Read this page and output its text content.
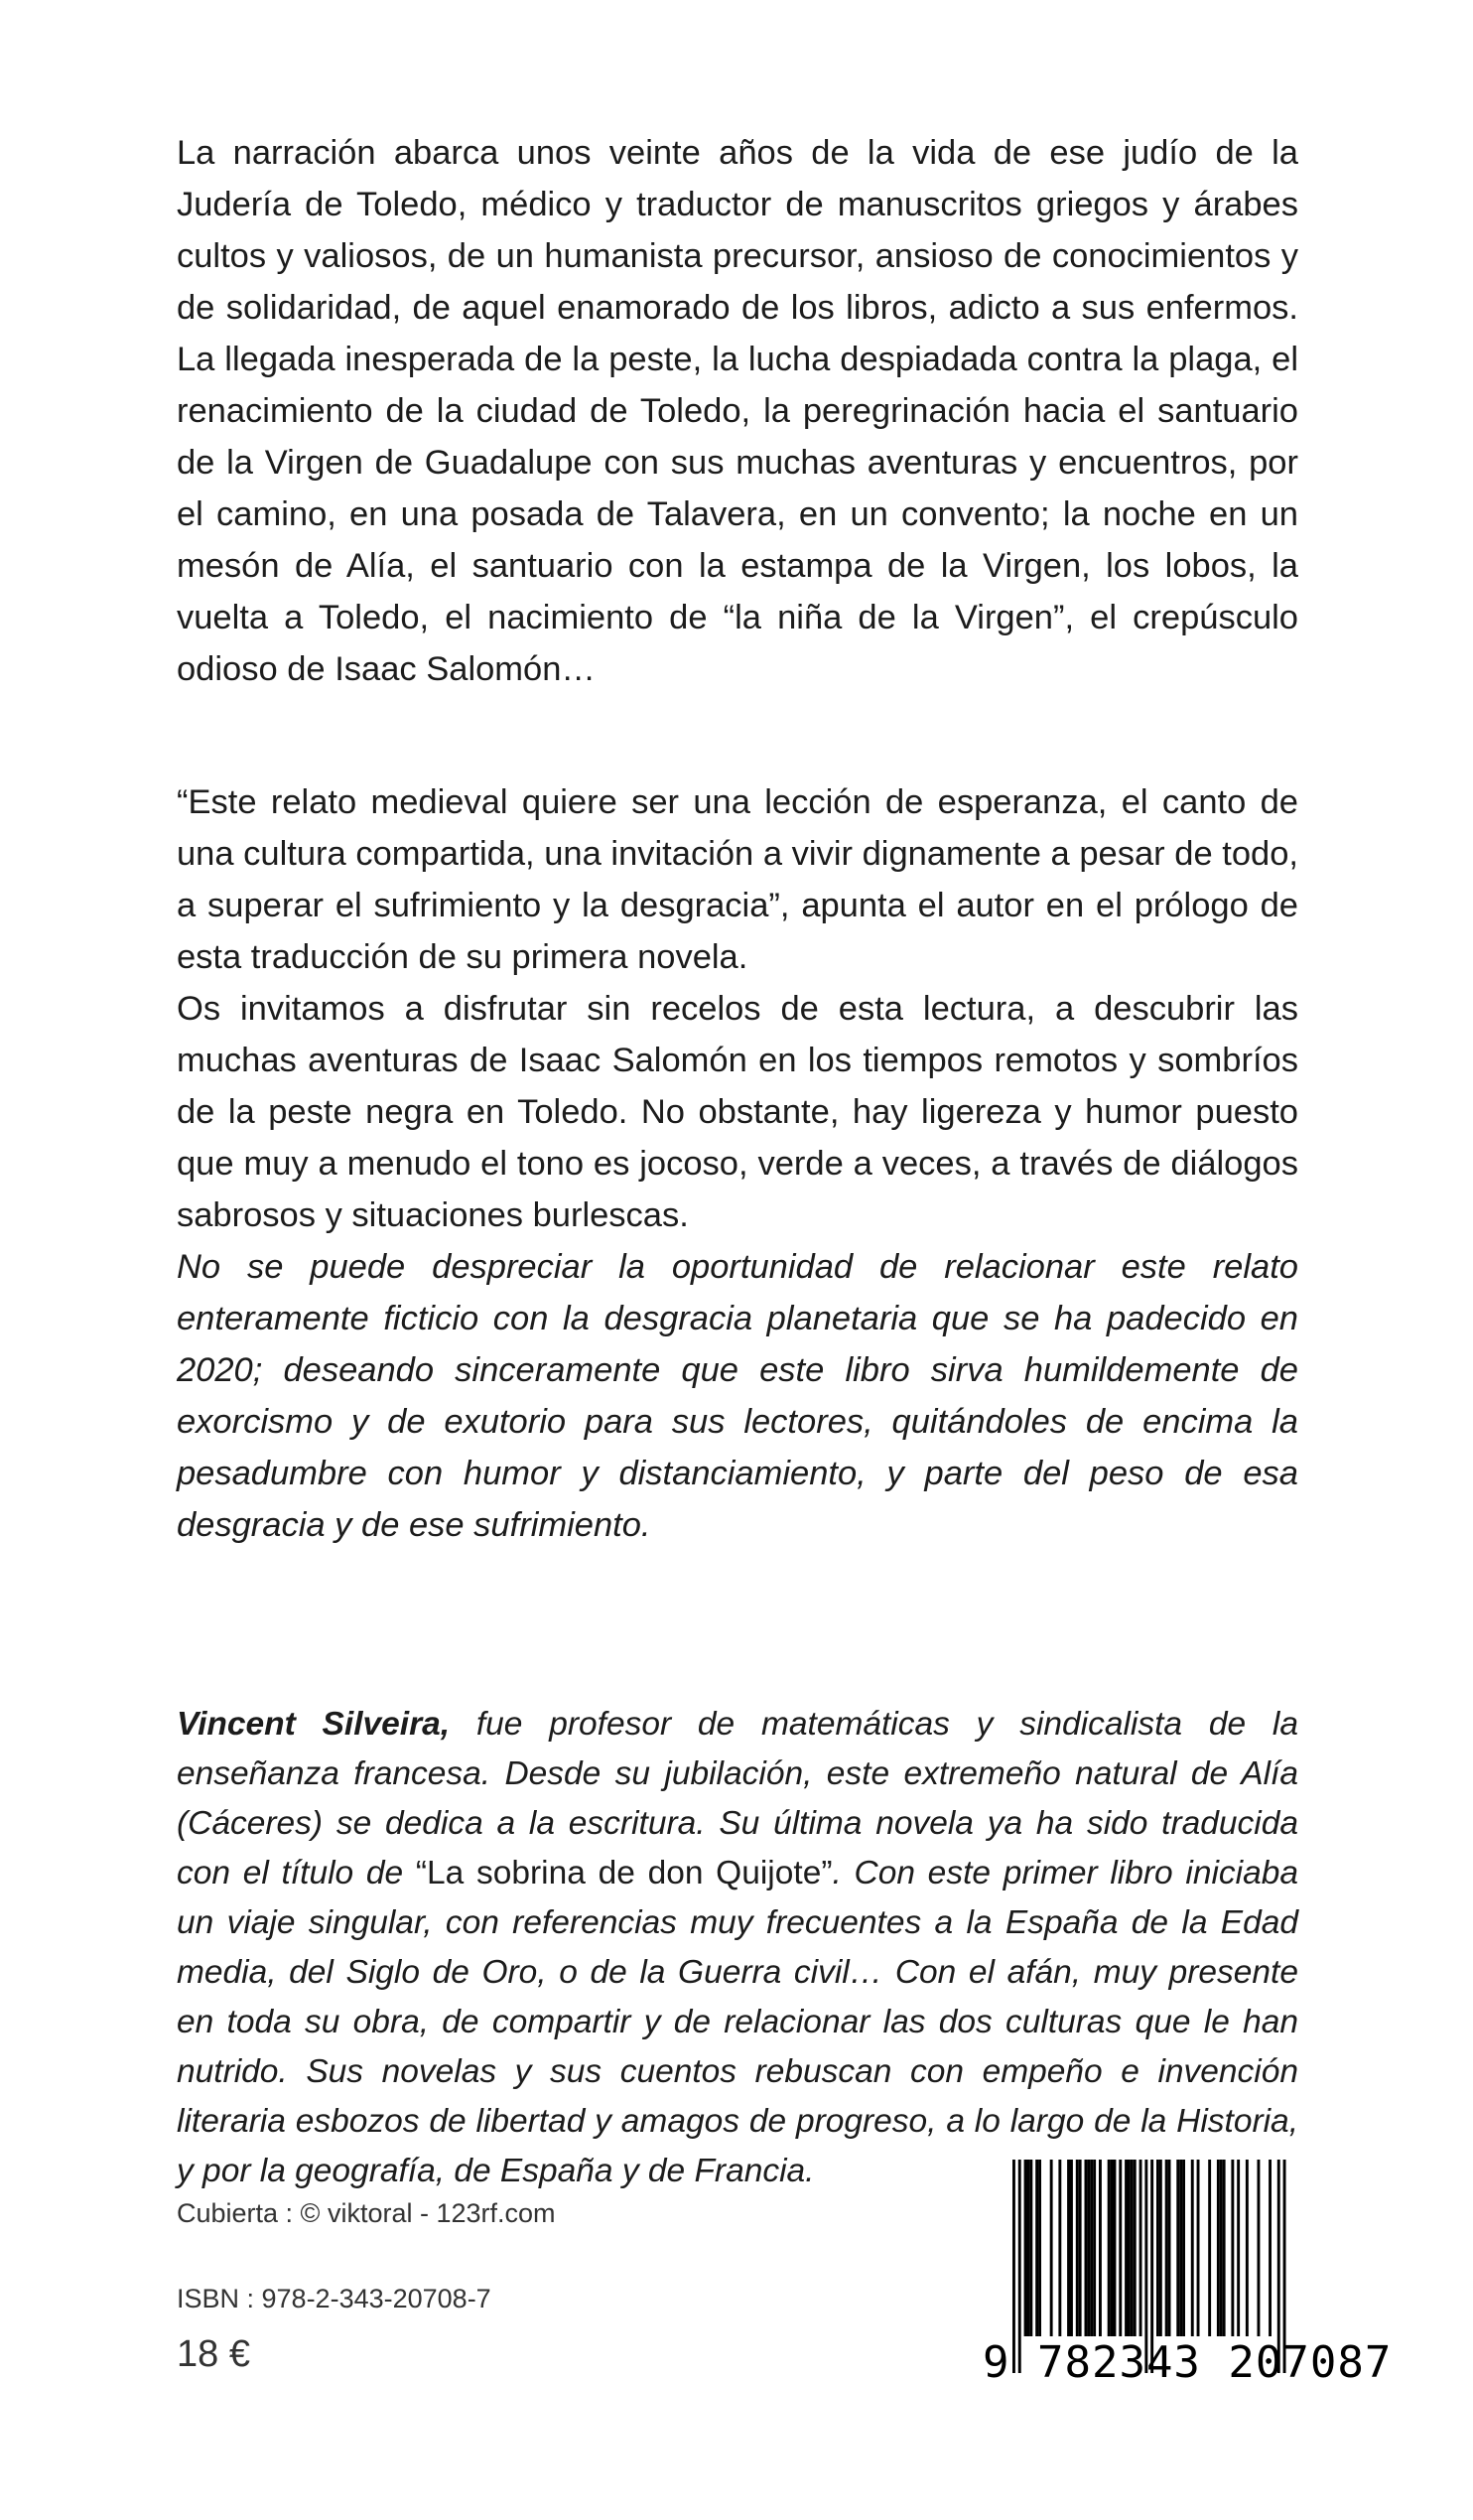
La narración abarca unos veinte años de la vida de ese judío de la Judería de Toledo, médico y traductor de manuscritos griegos y árabes cultos y valiosos, de un humanista precursor, ansioso de conocimientos y de solidaridad, de aquel enamorado de los libros, adicto a sus enfermos. La llegada inesperada de la peste, la lucha despiadada contra la plaga, el renacimiento de la ciudad de Toledo, la peregrinación hacia el santuario de la Virgen de Guadalupe con sus muchas aventuras y encuentros, por el camino, en una posada de Talavera, en un convento; la noche en un mesón de Alía, el santuario con la estampa de la Virgen, los lobos, la vuelta a Toledo, el nacimiento de “la niña de la Virgen”, el crepúsculo odioso de Isaac Salomón…

“Este relato medieval quiere ser una lección de esperanza, el canto de una cultura compartida, una invitación a vivir dignamente a pesar de todo, a superar el sufrimiento y la desgracia”, apunta el autor en el prólogo de esta traducción de su primera novela.

Os invitamos a disfrutar sin recelos de esta lectura, a descubrir las muchas aventuras de Isaac Salomón en los tiempos remotos y sombríos de la peste negra en Toledo. No obstante, hay ligereza y humor puesto que muy a menudo el tono es jocoso, verde a veces, a través de diálogos sabrosos y situaciones burlescas.

No se puede despreciar la oportunidad de relacionar este relato enteramente ficticio con la desgracia planetaria que se ha padecido en 2020; deseando sinceramente que este libro sirva humildemente de exorcismo y de exutorio para sus lectores, quitándoles de encima la pesadumbre con humor y distanciamiento, y parte del peso de esa desgracia y de ese sufrimiento.

Vincent Silveira, fue profesor de matemáticas y sindicalista de la enseñanza francesa. Desde su jubilación, este extremeño natural de Alía (Cáceres) se dedica a la escritura. Su última novela ya ha sido traducida con el título de “La sobrina de don Quijote”. Con este primer libro iniciaba un viaje singular, con referencias muy frecuentes a la España de la Edad media, del Siglo de Oro, o de la Guerra civil… Con el afán, muy presente en toda su obra, de compartir y de relacionar las dos culturas que le han nutrido. Sus novelas y sus cuentos rebuscan con empeño e invención literaria esbozos de libertad y amagos de progreso, a lo largo de la Historia, y por la geografía, de España y de Francia.

Cubierta : © viktoral - 123rf.com
ISBN : 978-2-343-20708-7
18 €	9 782343 207087
